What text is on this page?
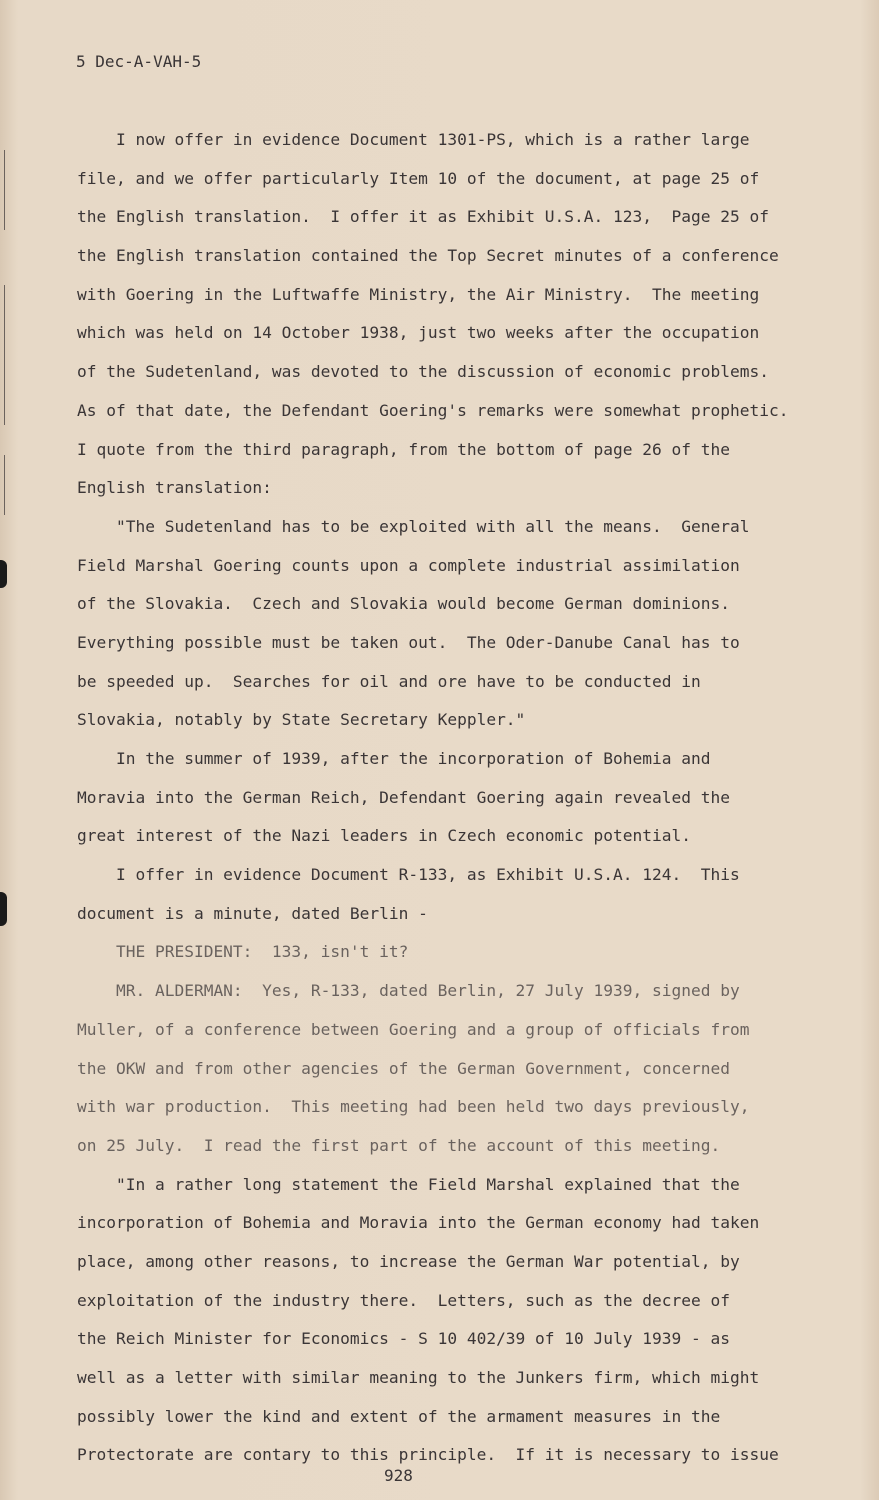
5 Dec-A-VAH-5
I now offer in evidence Document 1301-PS, which is a rather large
file, and we offer particularly Item 10 of the document, at page 25 of
the English translation.  I offer it as Exhibit U.S.A. 123,  Page 25 of
the English translation contained the Top Secret minutes of a conference
with Goering in the Luftwaffe Ministry, the Air Ministry.  The meeting
which was held on 14 October 1938, just two weeks after the occupation
of the Sudetenland, was devoted to the discussion of economic problems.
As of that date, the Defendant Goering's remarks were somewhat prophetic.
I quote from the third paragraph, from the bottom of page 26 of the
English translation:
"The Sudetenland has to be exploited with all the means.  General
Field Marshal Goering counts upon a complete industrial assimilation
of the Slovakia.  Czech and Slovakia would become German dominions.
Everything possible must be taken out.  The Oder-Danube Canal has to
be speeded up.  Searches for oil and ore have to be conducted in
Slovakia, notably by State Secretary Keppler."
In the summer of 1939, after the incorporation of Bohemia and
Moravia into the German Reich, Defendant Goering again revealed the
great interest of the Nazi leaders in Czech economic potential.
I offer in evidence Document R-133, as Exhibit U.S.A. 124.  This
document is a minute, dated Berlin -
THE PRESIDENT:  133, isn't it?
MR. ALDERMAN:  Yes, R-133, dated Berlin, 27 July 1939, signed by
Muller, of a conference between Goering and a group of officials from
the OKW and from other agencies of the German Government, concerned
with war production.  This meeting had been held two days previously,
on 25 July.  I read the first part of the account of this meeting.
"In a rather long statement the Field Marshal explained that the
incorporation of Bohemia and Moravia into the German economy had taken
place, among other reasons, to increase the German War potential, by
exploitation of the industry there.  Letters, such as the decree of
the Reich Minister for Economics - S 10 402/39 of 10 July 1939 - as
well as a letter with similar meaning to the Junkers firm, which might
possibly lower the kind and extent of the armament measures in the
Protectorate are contary to this principle.  If it is necessary to issue
928
